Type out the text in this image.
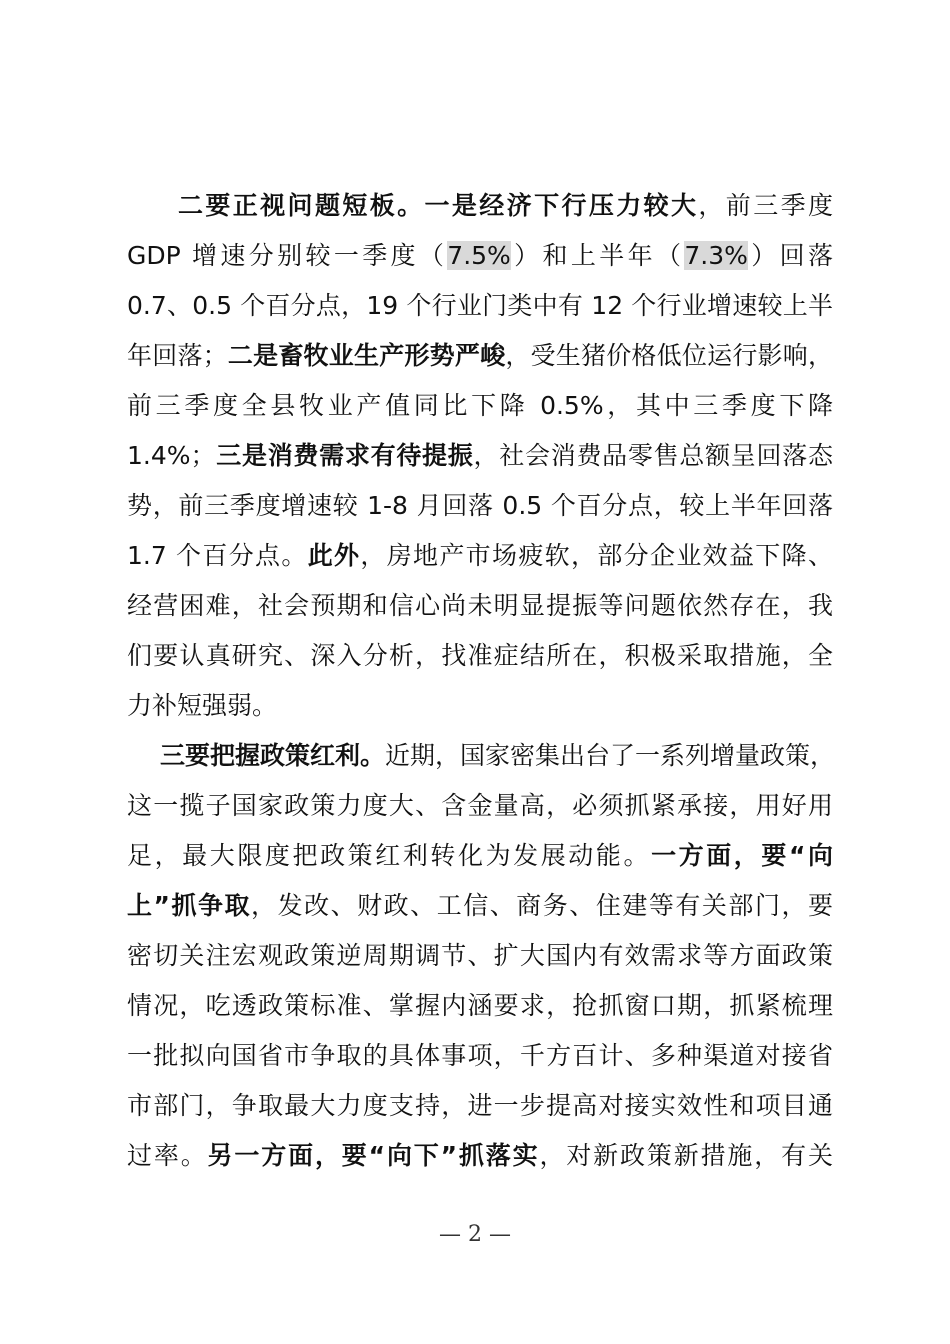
二要正视问题短板。一是经济下行压力较大，前三季度
GDP 增速分别较一季度（7.5%）和上半年（7.3%）回落
0.7、0.5 个百分点，19 个行业门类中有 12 个行业增速较上半
年回落；二是畜牧业生产形势严峻，受生猪价格低位运行影响，
前三季度全县牧业产值同比下降 0.5%，其中三季度下降
1.4%；三是消费需求有待提振，社会消费品零售总额呈回落态
势，前三季度增速较 1-8 月回落 0.5 个百分点，较上半年回落
1.7 个百分点。此外，房地产市场疲软，部分企业效益下降、
经营困难，社会预期和信心尚未明显提振等问题依然存在，我
们要认真研究、深入分析，找准症结所在，积极采取措施，全
力补短强弱。
三要把握政策红利。近期，国家密集出台了一系列增量政策，
这一揽子国家政策力度大、含金量高，必须抓紧承接，用好用
足，最大限度把政策红利转化为发展动能。一方面，要“向
上”抓争取，发改、财政、工信、商务、住建等有关部门，要
密切关注宏观政策逆周期调节、扩大国内有效需求等方面政策
情况，吃透政策标准、掌握内涵要求，抢抓窗口期，抓紧梳理
一批拟向国省市争取的具体事项，千方百计、多种渠道对接省
市部门，争取最大力度支持，进一步提高对接实效性和项目通
过率。另一方面，要“向下”抓落实，对新政策新措施，有关
— 2 —
